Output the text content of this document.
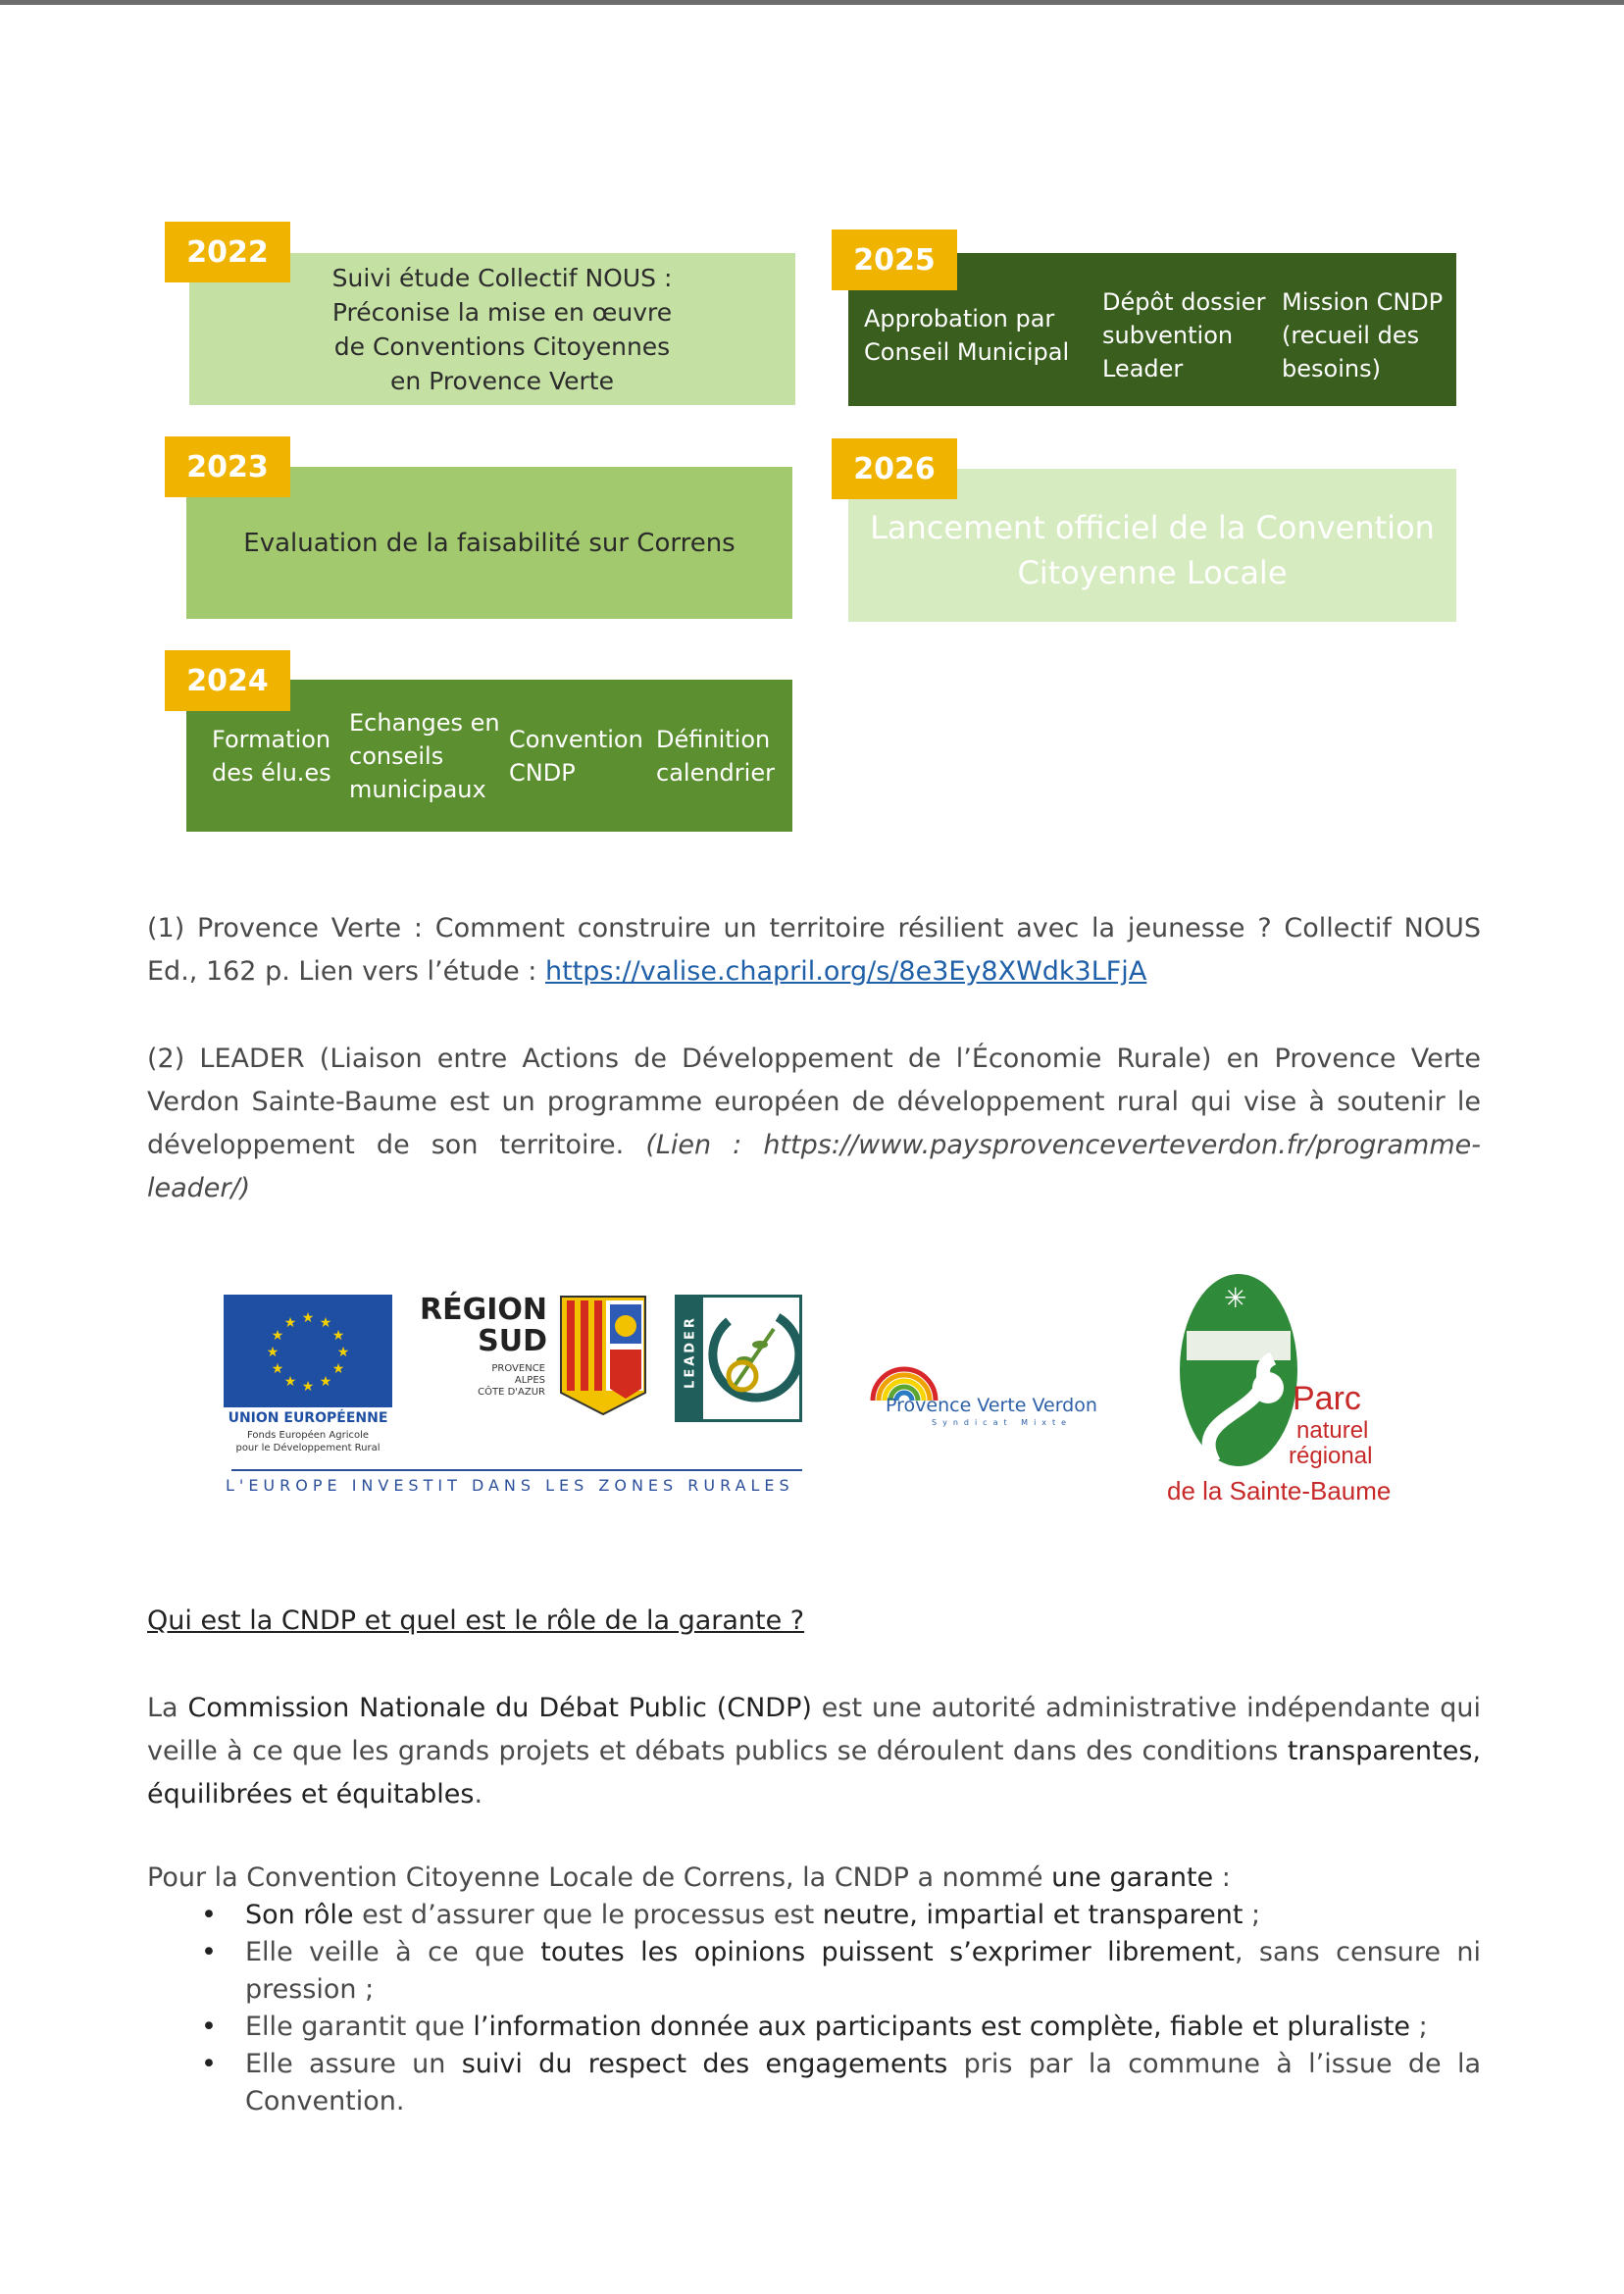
Suivi étude Collectif NOUS :
Préconise la mise en œuvre
de Conventions Citoyennes
en Provence Verte
2022
Evaluation de la faisabilité sur Correns
2023
Formation
des élu.es
Echanges en
conseils
municipaux
Convention
CNDP
Définition
calendrier
2024
Approbation par
Conseil Municipal
Dépôt dossier
subvention
Leader
Mission CNDP
(recueil des
besoins)
2025
Lancement officiel de la Convention
Citoyenne Locale
2026
(1) Provence Verte : Comment construire un territoire résilient avec la jeunesse ? Collectif NOUS Ed., 162 p. Lien vers l’étude : https://valise.chapril.org/s/8e3Ey8XWdk3LFjA
(2) LEADER (Liaison entre Actions de Développement de l’Économie Rurale) en Provence Verte Verdon Sainte-Baume est un programme européen de développement rural qui vise à soutenir le développement de son territoire. (Lien : https://www.paysprovenceverteverdon.fr/programme-leader/)
★ ★
★
★
★
★
★
★
★
★
★
★
UNION EUROPÉENNE
Fonds Européen Agricole
pour le Développement Rural
RÉGION
SUD
PROVENCE
ALPES
CÔTE D'AZUR
LEADER
L'EUROPE INVESTIT DANS LES ZONES RURALES
Provence Verte Verdon
Syndicat Mixte
✳
Parc
naturel
régional
de la Sainte-Baume
Qui est la CNDP et quel est le rôle de la garante ?
La Commission Nationale du Débat Public (CNDP) est une autorité administrative indépendante qui veille à ce que les grands projets et débats publics se déroulent dans des conditions transparentes, équilibrées et équitables.
Pour la Convention Citoyenne Locale de Correns, la CNDP a nommé une garante :
• Son rôle est d’assurer que le processus est neutre, impartial et transparent ;
• Elle veille à ce que toutes les opinions puissent s’exprimer librement, sans censure ni pression ;
• Elle garantit que l’information donnée aux participants est complète, fiable et pluraliste ;
• Elle assure un suivi du respect des engagements pris par la commune à l’issue de la Convention.
